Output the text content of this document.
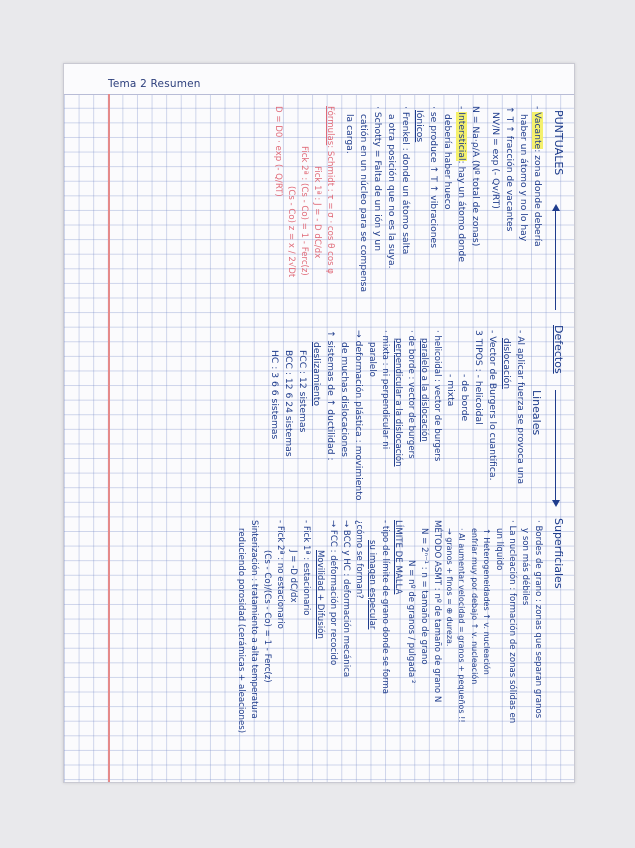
Tema 2 Resumen
PUNTUALES
Defectos
Superficiales
- Vacante: zona donde debería
haber un átomo y no lo hay
↑ T ↑ fracción de vacantes
NV/N = exp (- Qv/RT)
N = Na·ρ/A (Nº total de zonas)
- Intersticial: hay un átomo donde
debería haber hueco
· se produce ↑ T ↑ vibraciones
Iónicos
· Frenkel : donde un átomo salta
a otra posición que no es la suya.
· Schotty = Falta de un ión y un
catión en un núcleo para se compensa
la carga.
Fórmulas: Schmidt : τ = σ · cos θ cos φ
Fick 1ª : J = - D dC/dx
Fick 2ª : (Cs - Co) = 1 - Ferc(z)
(Cs - Co) z = x / 2√Dt
D = D0 · exp (- Q/RT)
Lineales
- Al aplicar fuerza se provoca una
dislocación
- Vector de Burgers lo cuantifica.
3 TIPOS : - helicoidal
- de borde
- mixta
· helicoidal : vector de burgers
paralelo a la dislocación
· de borde : vector de burgers
perpendicular a la dislocación
· mixta : ni perpendicular ni
paralelo
→ deformación plástica : movimiento
de muchas dislocaciones
↑ sistemas de ↑ ductilidad :
deslizamiento
FCC : 12 sistemas
BCC : 12 6 24 sistemas
HC : 3 6 6 sistemas
· Bordes de grano : zonas que separan granos
y son más débiles
· La nucleación : formación de zonas sólidas en
un líquido
↑ Heterogeneidades ↑ v. nucleación
enfriar muy por debajo ↑ v. nucleación
· Al aumentar velocidad = granos + pequeños !!
→ granos + finos = ⊕ dureza.
MÉTODO ASMT : nº de tamaño de grano N
N = 2ⁿ⁻¹ : n = tamaño de grano
N = nº de granos / pulgada ²
LÍMITE DE MALLA
- tipo de límite de grano donde se forma
su imagen especular
¿cómo se forman?
→ BCC y HC : deformación mecánica
→ FCC : deformación por recocido
Movilidad + Difusión
- Fick 1ª : estacionario
J = -D dC/dx
- Fick 2ª : no estacionario
(Cs - Co)/(Cs - Co) = 1 - Ferc(z)
Sinterización : tratamiento a alta temperatura
reduciendo porosidad (cerámicas + aleaciones)
